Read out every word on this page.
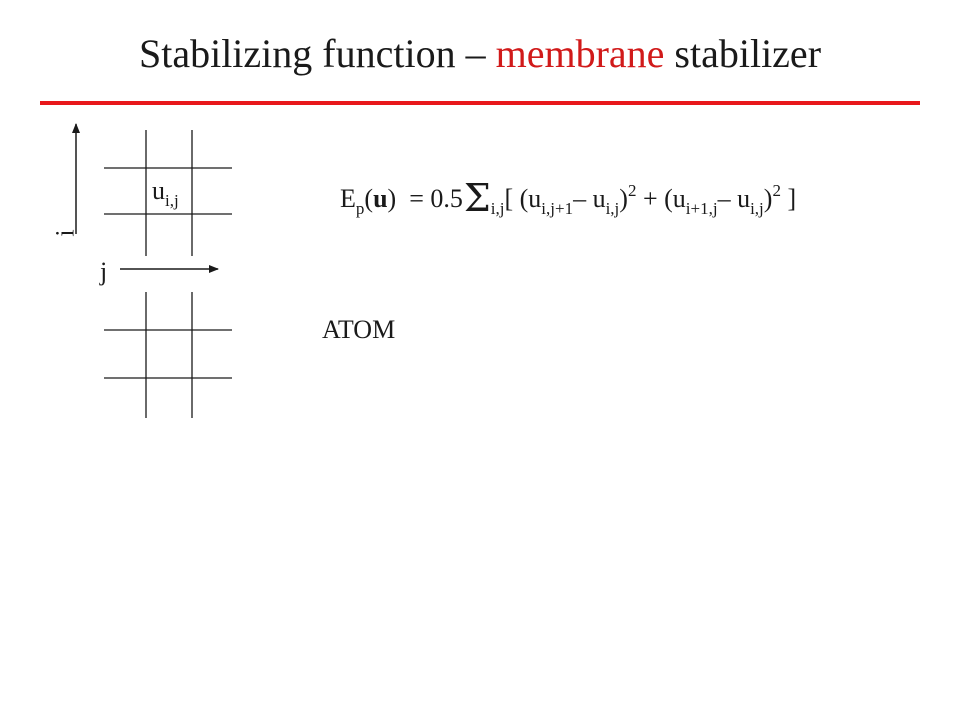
Stabilizing function – membrane stabilizer
$u_{i,j}$
i
j
$E_p(u) = 0.5\Sigma_{i,j}$[ ($u_{i,j+1}-$ $u_{i,j})^2 + (u_{i+1,j}-$ $u_{i,j})^2$ ]
ATOM
